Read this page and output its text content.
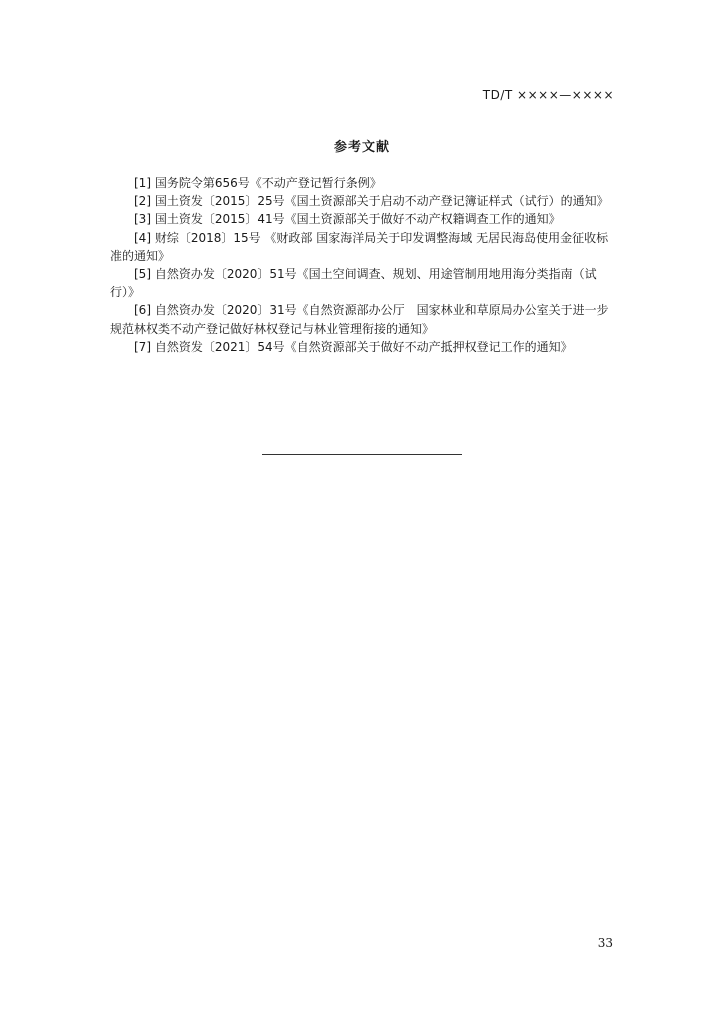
TD/T ××××—××××
参考文献
[1] 国务院令第656号《不动产登记暂行条例》
[2] 国土资发〔2015〕25号《国土资源部关于启动不动产登记簿证样式（试行）的通知》
[3] 国土资发〔2015〕41号《国土资源部关于做好不动产权籍调查工作的通知》
[4] 财综〔2018〕15号 《财政部 国家海洋局关于印发调整海域 无居民海岛使用金征收标准的通知》
[5] 自然资办发〔2020〕51号《国土空间调查、规划、用途管制用地用海分类指南（试行）》
[6] 自然资办发〔2020〕31号《自然资源部办公厅　国家林业和草原局办公室关于进一步规范林权类不动产登记做好林权登记与林业管理衔接的通知》
[7] 自然资发〔2021〕54号《自然资源部关于做好不动产抵押权登记工作的通知》
33
